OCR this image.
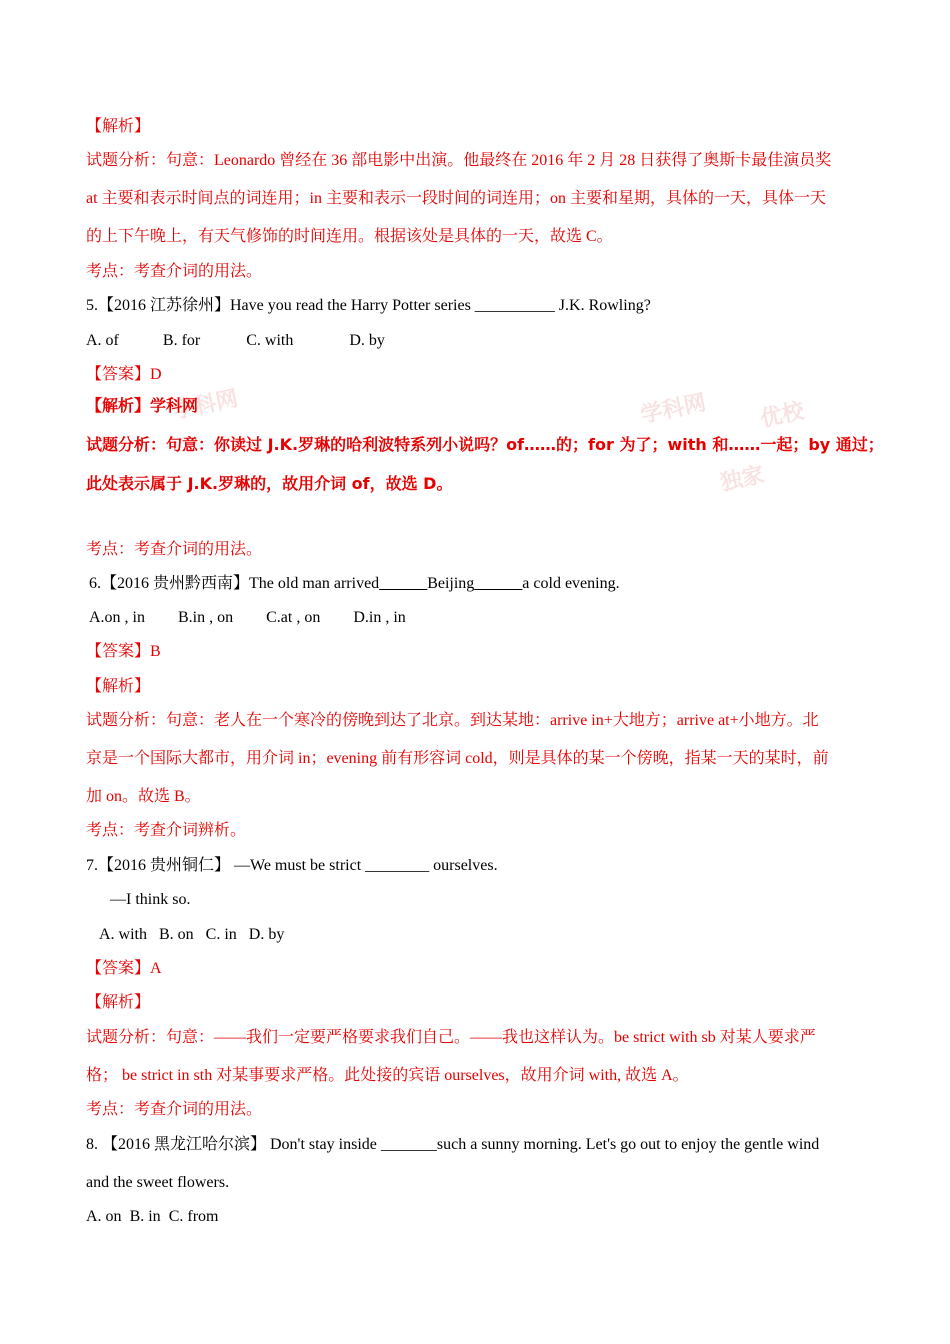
【解析】
试题分析：句意：Leonardo 曾经在 36 部电影中出演。他最终在 2016 年 2 月 28 日获得了奥斯卡最佳演员奖
at 主要和表示时间点的词连用；in 主要和表示一段时间的词连用；on 主要和星期，具体的一天，具体一天
的上下午晚上，有天气修饰的时间连用。根据该处是具体的一天，故选 C。
考点：考查介词的用法。
5.【2016 江苏徐州】Have you read the Harry Potter series __________ J.K. Rowling?
A. of	B. for	C. with	D. by
【答案】D
学科网	学科网
独家
优校
【解析】学科网
试题分析：句意：你读过 J.K.罗琳的哈利波特系列小说吗？of……的；for 为了；with 和……一起；by 通过；
此处表示属于 J.K.罗琳的，故用介词 of，故选 D。
考点：考查介词的用法。
6.【2016 贵州黔西南】The old man arrived______Beijing______a cold evening.
A.on , in B.in , on C.at , on D.in , in
【答案】B
【解析】
试题分析：句意：老人在一个寒冷的傍晚到达了北京。到达某地：arrive in+大地方；arrive at+小地方。北
京是一个国际大都市，用介词 in；evening 前有形容词 cold，则是具体的某一个傍晚，指某一天的某时，前
加 on。故选 B。
考点：考查介词辨析。
7.【2016 贵州铜仁】 —We must be strict ________ ourselves.
—I think so.
A. with B. on C. in D. by
【答案】A
【解析】
试题分析：句意：——我们一定要严格要求我们自己。——我也这样认为。be strict with sb 对某人要求严
格； be strict in sth 对某事要求严格。此处接的宾语 ourselves，故用介词 with, 故选 A。
考点：考查介词的用法。
8. 【2016 黑龙江哈尔滨】 Don't stay inside _______such a sunny morning. Let's go out to enjoy the gentle wind
and the sweet flowers.
A. on B. in C. from
